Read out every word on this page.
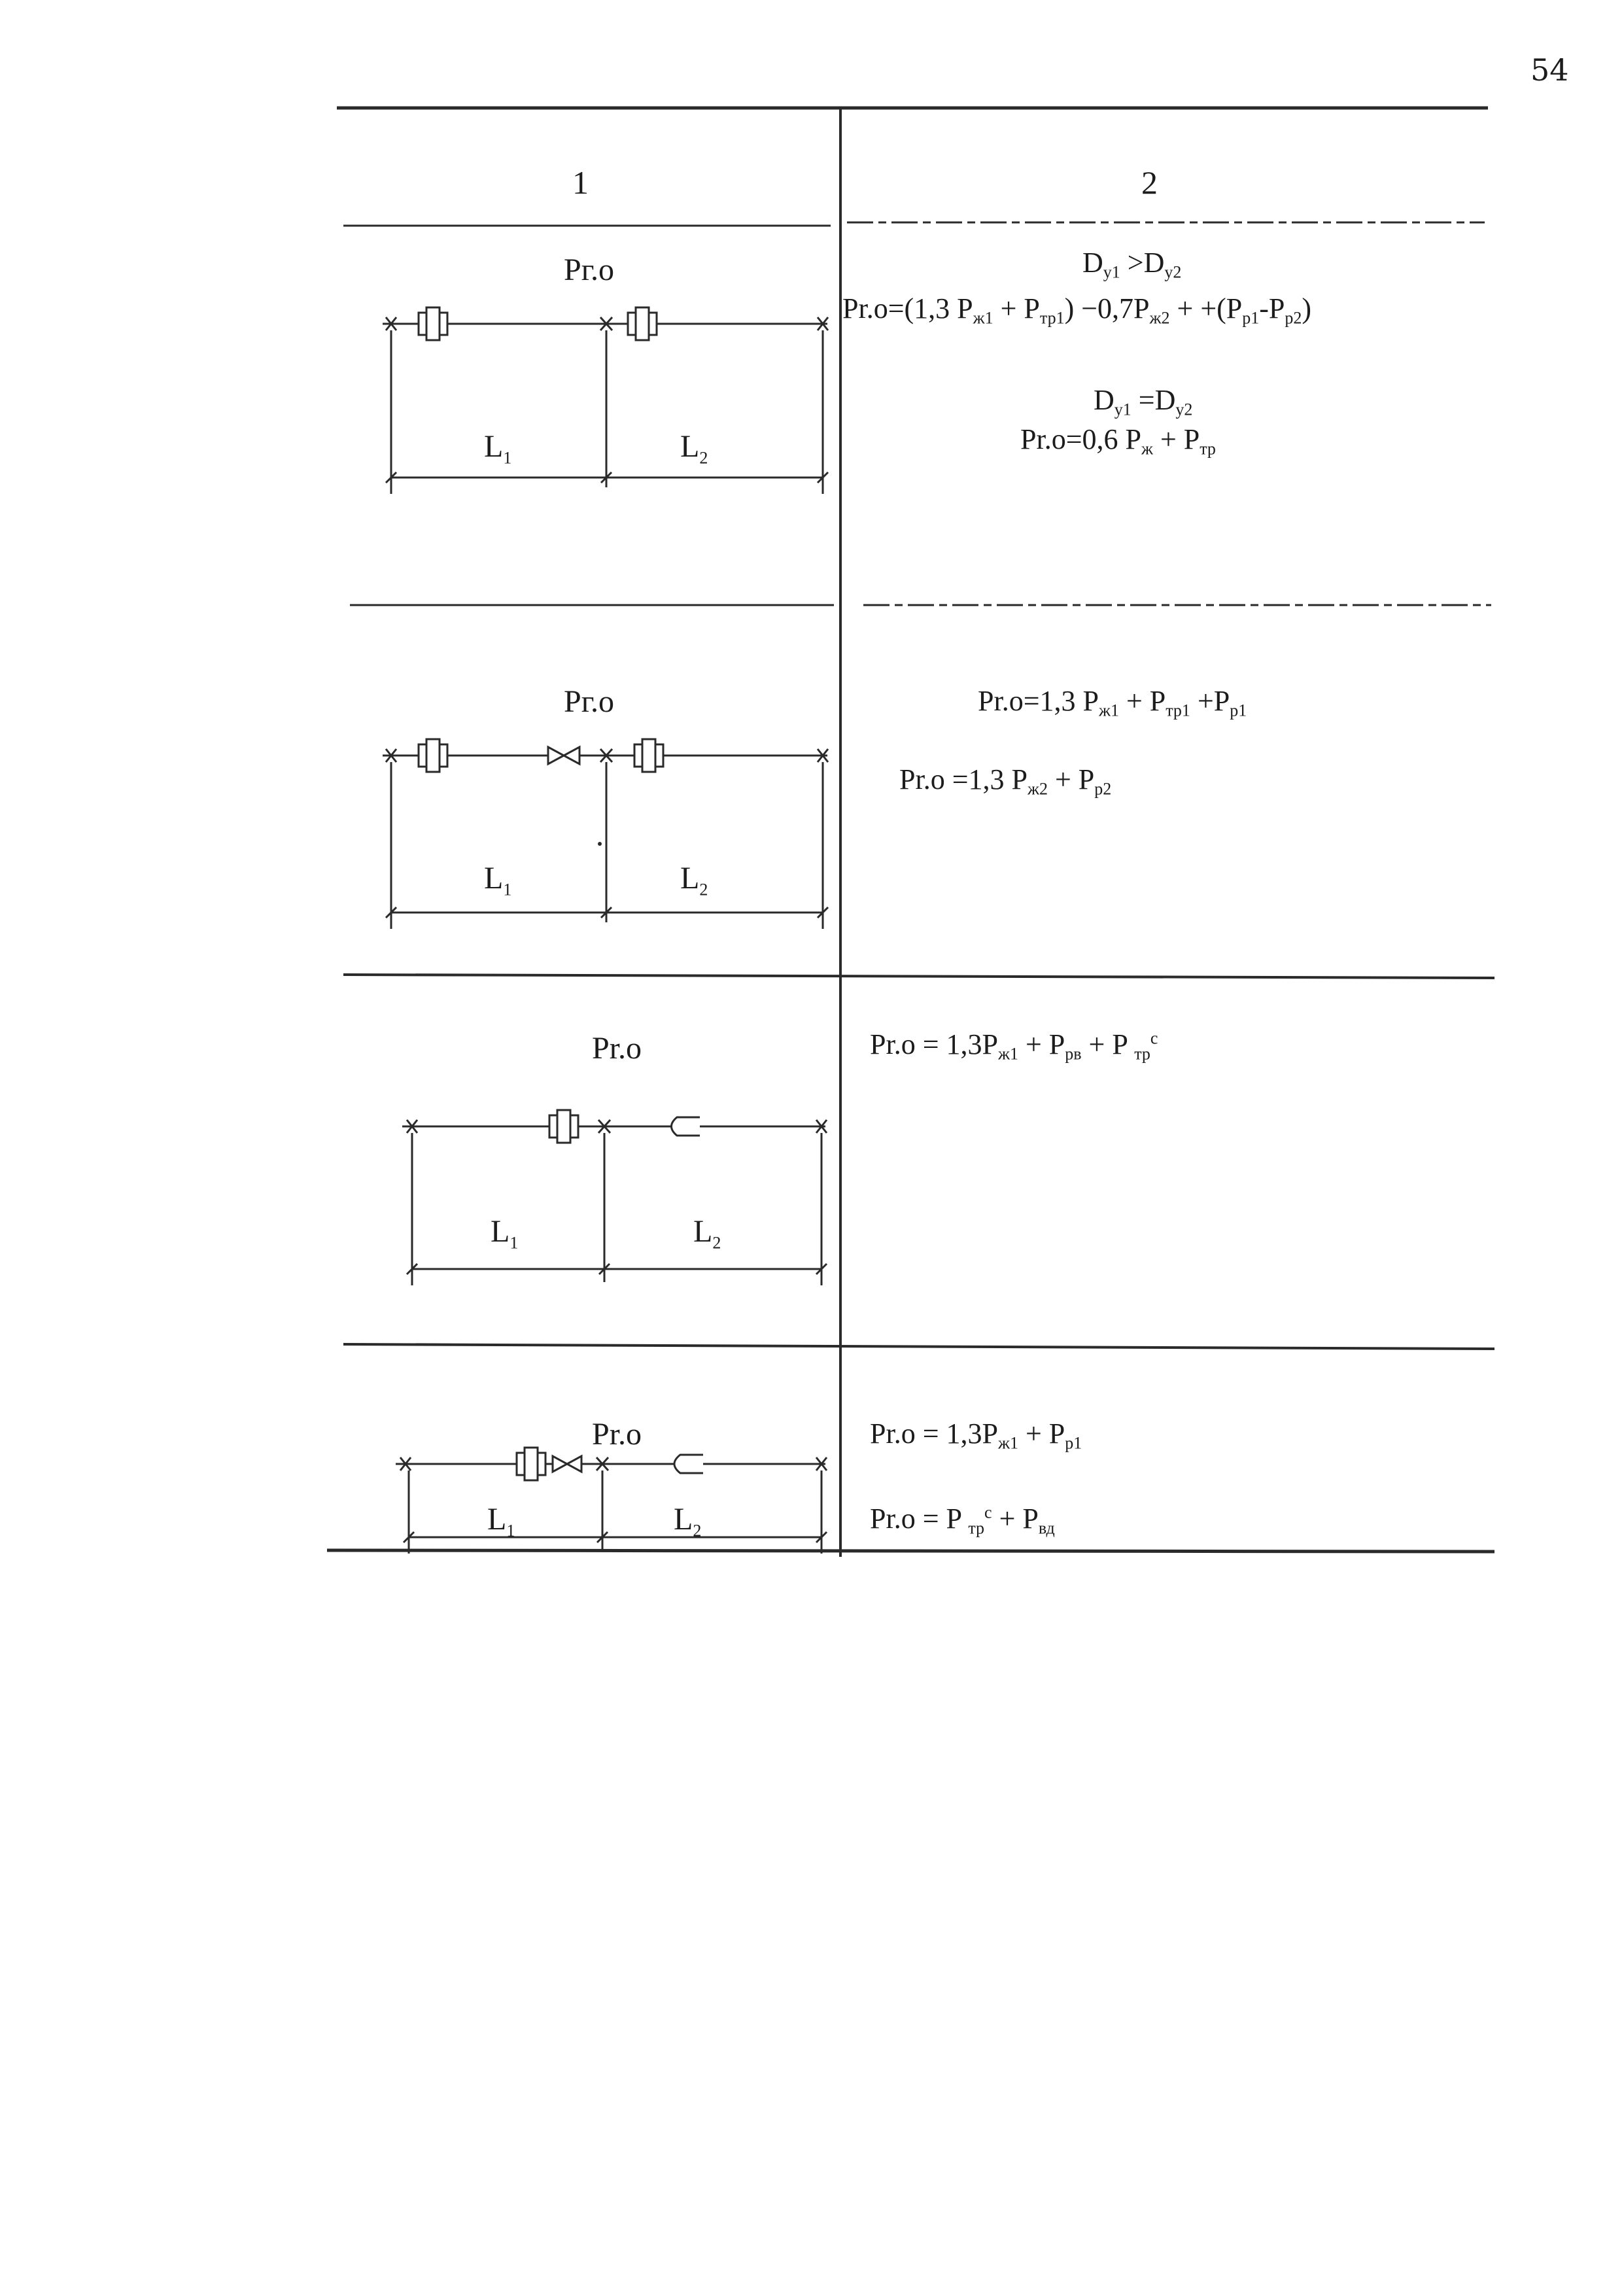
54
1	2
Рг.о
$L_1$	$L_2$
$D_{y1} >D_{y2}$
Pr.o=(1,3 $P_{ж1} + P_{тр1}) -0,7P_{ж2} + +(P_{p1}-P_{p2})$
$D_{y1} =D_{y2}$
Pr.o=0,6 $P_ж + P_{тр}$
Рг.о
$L_1$	$L_2$
Pr.o=1,3 $P_{ж1} + P_{тр1} +P_{p1}$
Pr.o =1,3 $P_{ж2} + P_{p2}$
Pr.o
$L_1$	$L_2$
$Pr.o = 1,3P_{ж1} + P_{pв} + P$ $_{тр}^c$
Pr.o
$L_1$	$L_2$
$Pr.o = 1,3P_{ж1} + P_{p1}$
Pr.o = P $_{тр}^c + P_{вд}$
